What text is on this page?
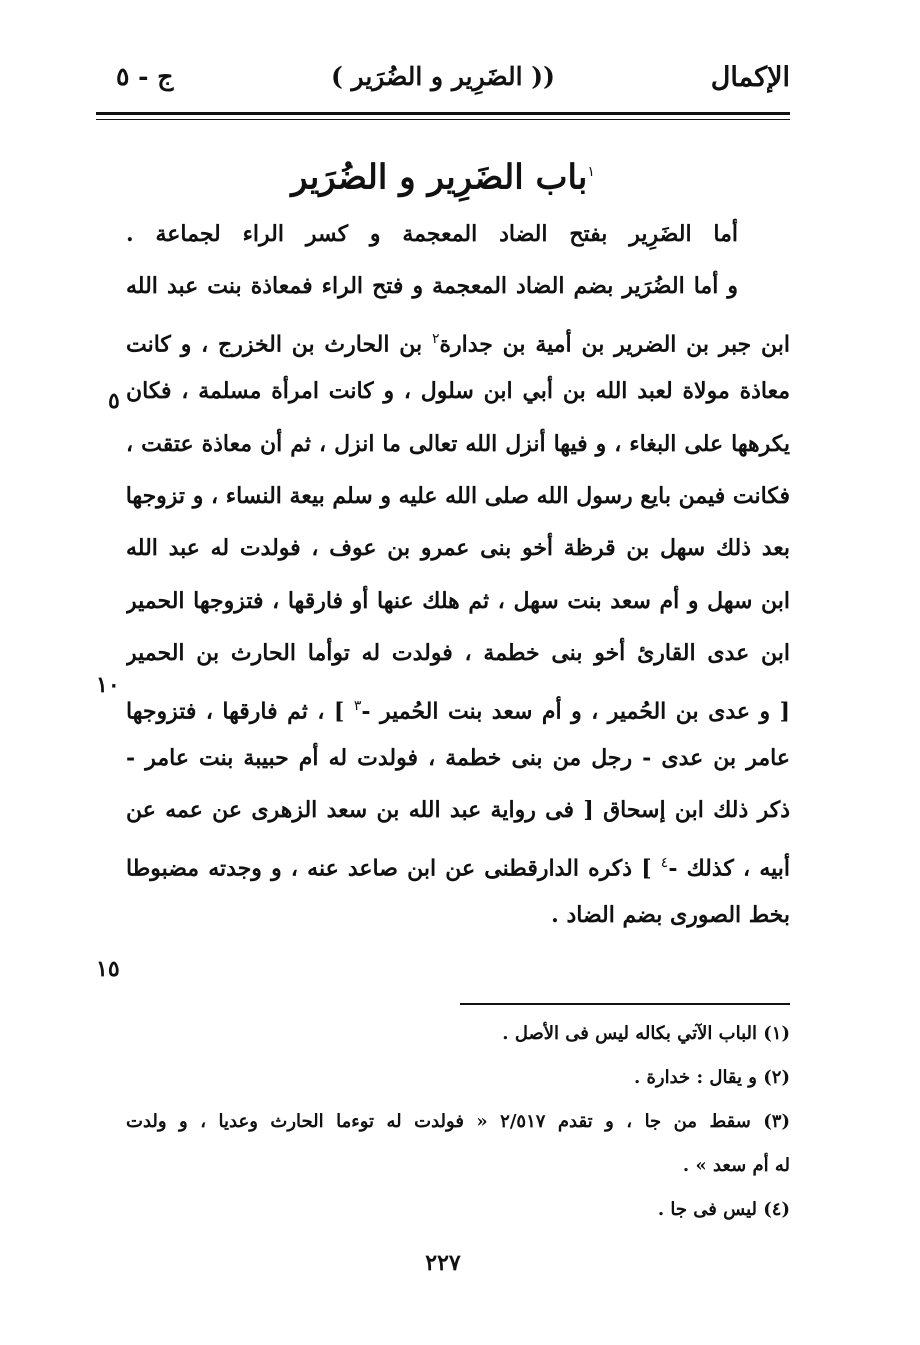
الإكمال
(( الضَرِير و الضُرَير )
ج - ٥
$^١$باب الضَرِير و الضُرَير
أما الضَرِير بفتح الضاد المعجمة و كسر الراء لجماعة .
و أما الضُرَير بضم الضاد المعجمة و فتح الراء فمعاذة بنت عبد الله
ابن جبر بن الضرير بن أمية بن جدارة$^٢$ بن الحارث بن الخزرج ، و كانت
معاذة مولاة لعبد الله بن أبي ابن سلول ، و كانت امرأة مسلمة ، فكان
يكرهها على البغاء ، و فيها أنزل الله تعالى ما انزل ، ثم أن معاذة عتقت ،
فكانت فيمن بايع رسول الله صلى الله عليه و سلم بيعة النساء ، و تزوجها
بعد ذلك سهل بن قرظة أخو بنى عمرو بن عوف ، فولدت له عبد الله
ابن سهل و أم سعد بنت سهل ، ثم هلك عنها أو فارقها ، فتزوجها الحمير
ابن عدى القارئ أخو بنى خطمة ، فولدت له توأما الحارث بن الحمير
[ و عدى بن الحُمير ، و أم سعد بنت الحُمير -$^٣$ ] ، ثم فارقها ، فتزوجها
عامر بن عدى - رجل من بنى خطمة ، فولدت له أم حبيبة بنت عامر -
ذكر ذلك ابن إسحاق [ فى رواية عبد الله بن سعد الزهرى عن عمه عن
أبيه ، كذلك -$^٤$ ] ذكره الدارقطنى عن ابن صاعد عنه ، و وجدته مضبوطا
بخط الصورى بضم الضاد .
٥
١٠
١٥
(١) الباب الآتي بكاله ليس فى الأصل .
(٢) و يقال : خدارة .
(٣) سقط من جا ، و تقدم ٢/٥١٧ « فولدت له توءما الحارث وعديا ، و ولدت
له أم سعد » .
(٤) ليس فى جا .
٢٢٧
